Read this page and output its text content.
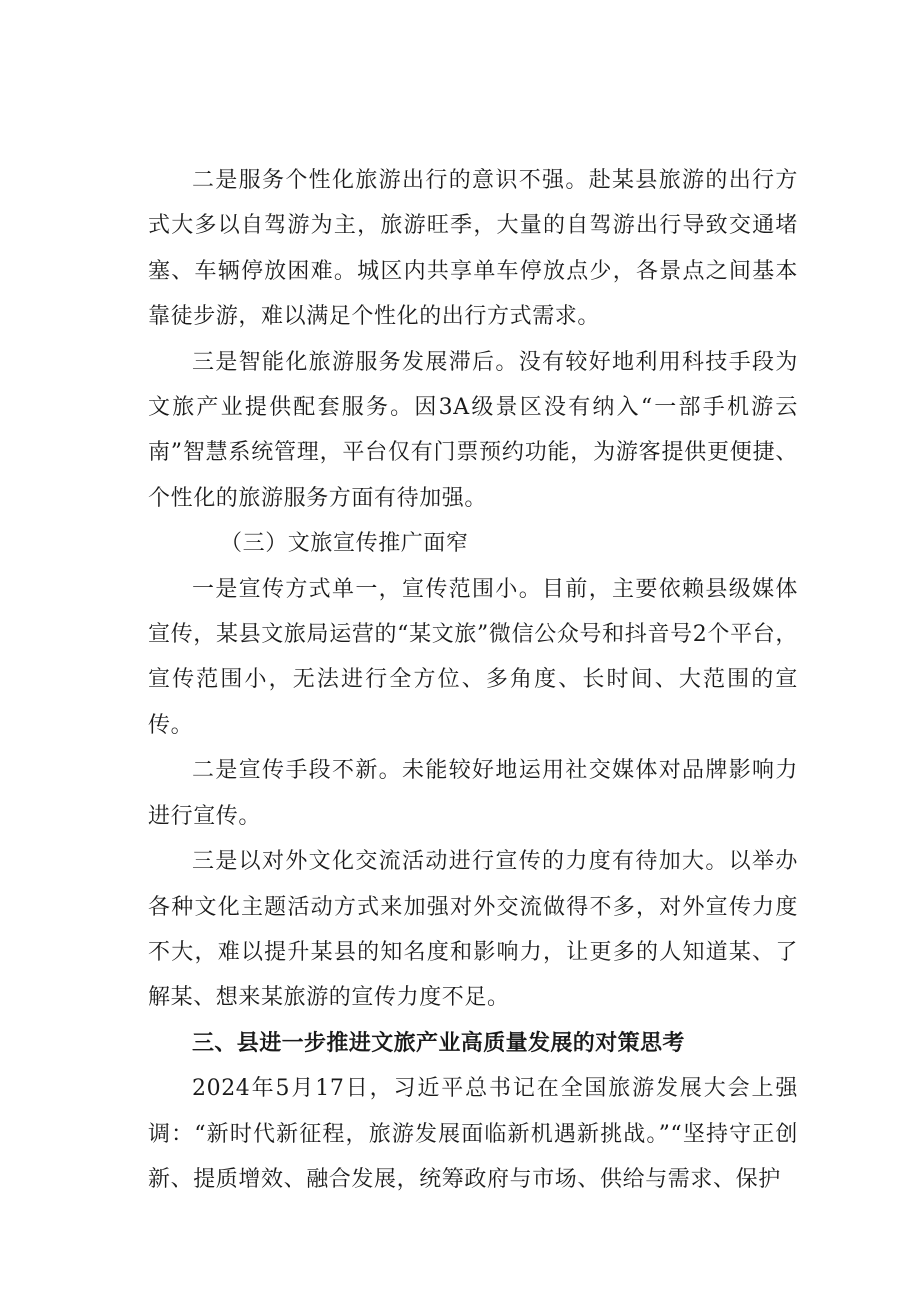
二是服务个性化旅游出行的意识不强。赴某县旅游的出行方式大多以自驾游为主，旅游旺季，大量的自驾游出行导致交通堵塞、车辆停放困难。城区内共享单车停放点少，各景点之间基本靠徒步游，难以满足个性化的出行方式需求。

三是智能化旅游服务发展滞后。没有较好地利用科技手段为文旅产业提供配套服务。因3A级景区没有纳入“一部手机游云南”智慧系统管理，平台仅有门票预约功能，为游客提供更便捷、个性化的旅游服务方面有待加强。

（三）文旅宣传推广面窄

一是宣传方式单一，宣传范围小。目前，主要依赖县级媒体宣传，某县文旅局运营的“某文旅”微信公众号和抖音号2个平台，宣传范围小，无法进行全方位、多角度、长时间、大范围的宣传。

二是宣传手段不新。未能较好地运用社交媒体对品牌影响力进行宣传。

三是以对外文化交流活动进行宣传的力度有待加大。以举办各种文化主题活动方式来加强对外交流做得不多，对外宣传力度不大，难以提升某县的知名度和影响力，让更多的人知道某、了解某、想来某旅游的宣传力度不足。

三、县进一步推进文旅产业高质量发展的对策思考

2024年5月17日，习近平总书记在全国旅游发展大会上强调：“新时代新征程，旅游发展面临新机遇新挑战。”“坚持守正创新、提质增效、融合发展，统筹政府与市场、供给与需求、保护
